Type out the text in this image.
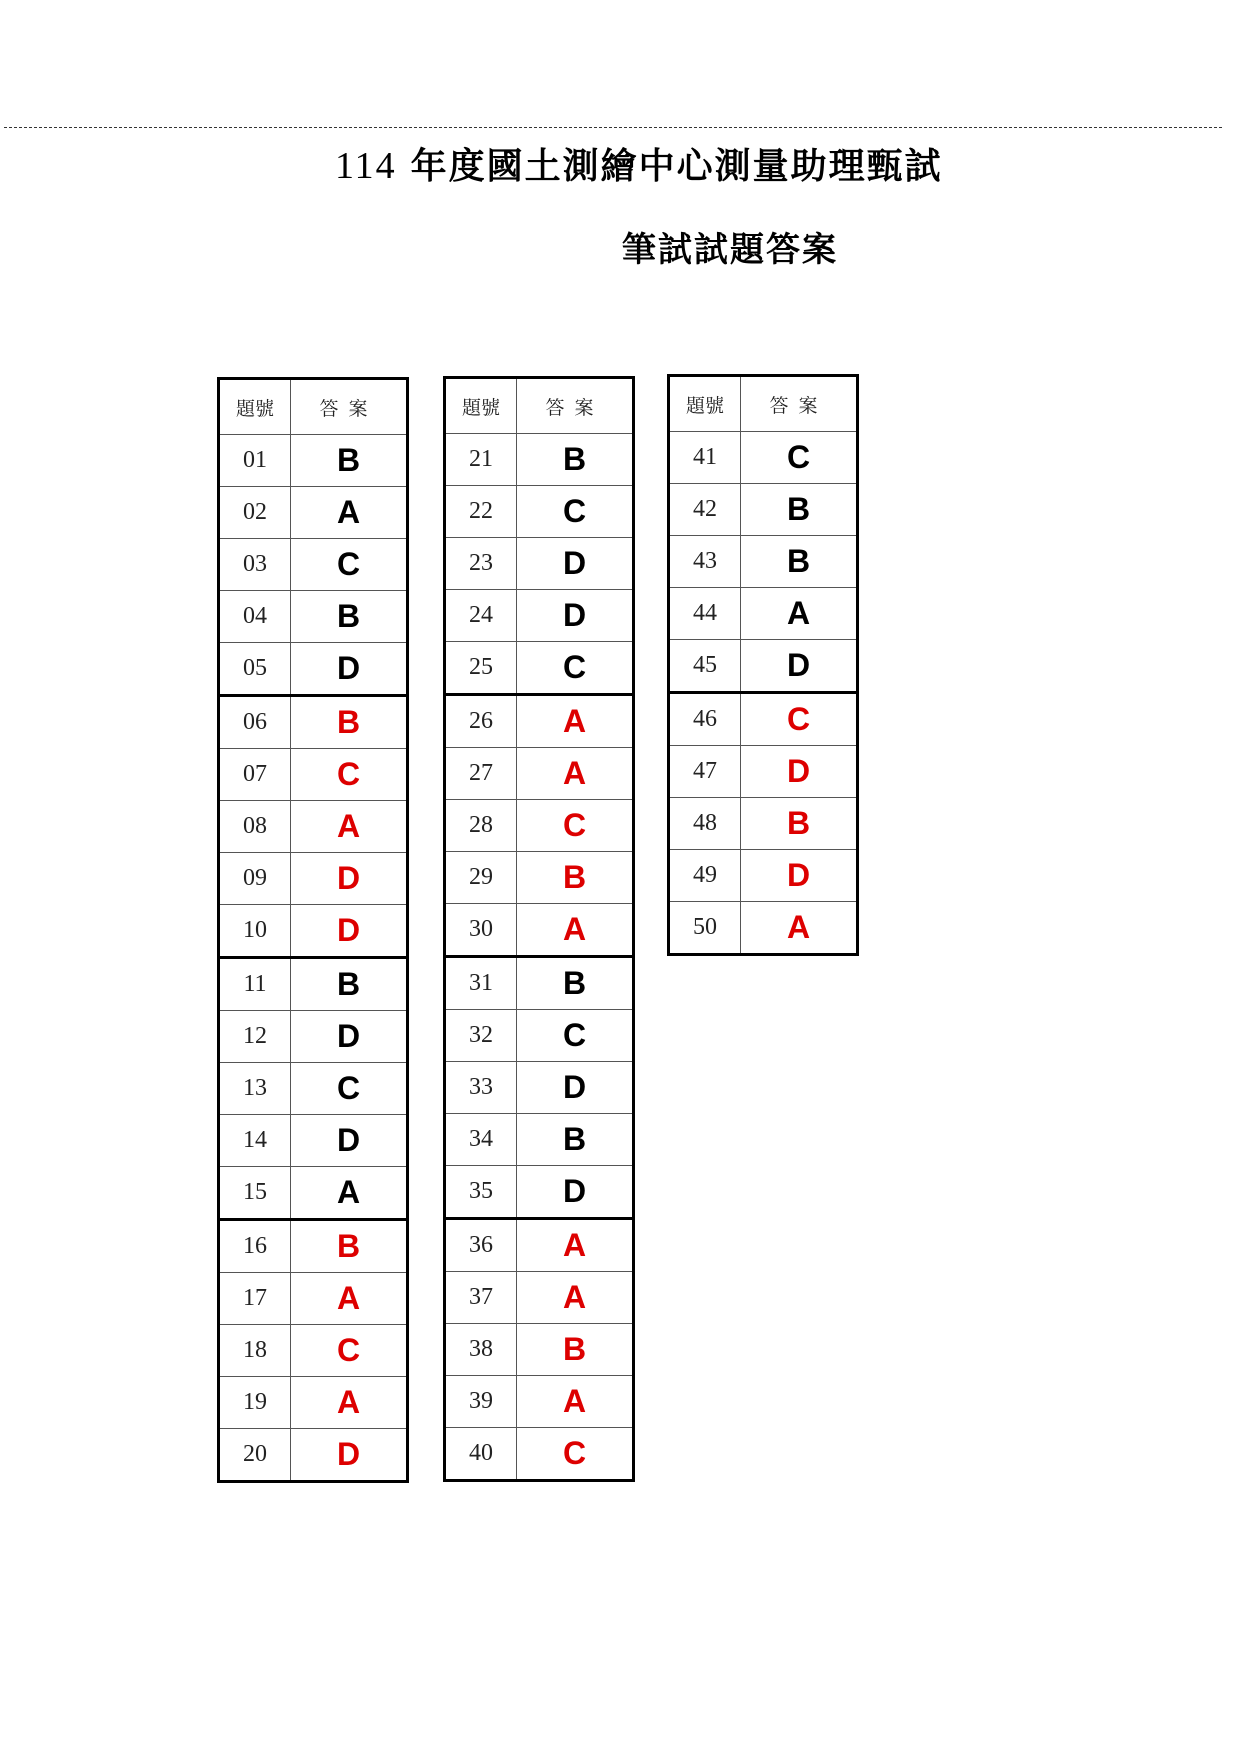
114 年度國土測繪中心測量助理甄試
筆試試題答案
題號	答案
01	B
02	A
03	C
04	B
05	D
06	B
07	C
08	A
09	D
10	D
11	B
12	D
13	C
14	D
15	A
16	B
17	A
18	C
19	A
20	D
題號	答案
21	B
22	C
23	D
24	D
25	C
26	A
27	A
28	C
29	B
30	A
31	B
32	C
33	D
34	B
35	D
36	A
37	A
38	B
39	A
40	C
題號	答案
41	C
42	B
43	B
44	A
45	D
46	C
47	D
48	B
49	D
50	A
